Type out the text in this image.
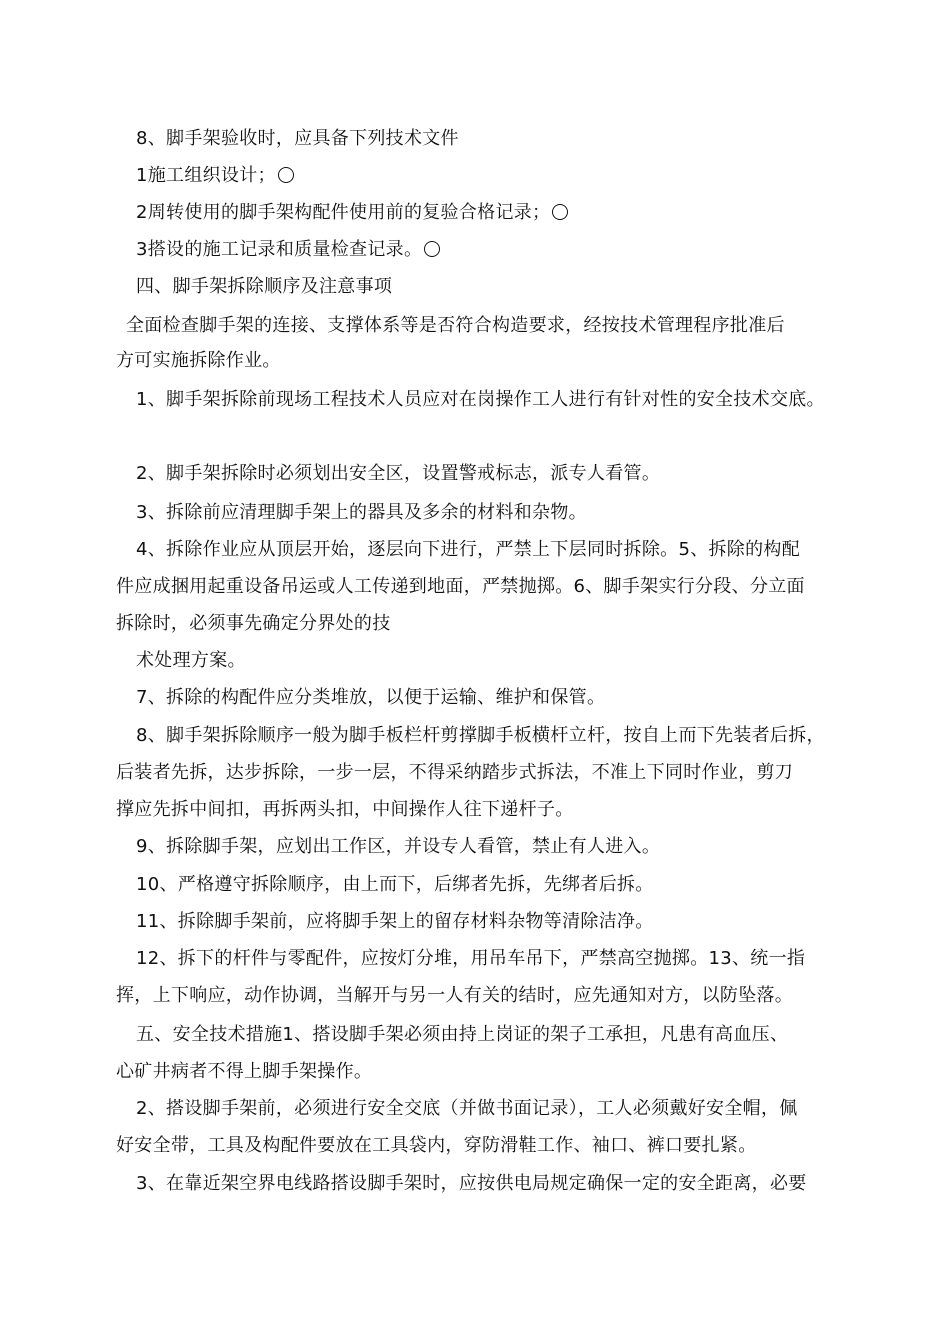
8、脚手架验收时，应具备下列技术文件
1施工组织设计；
2周转使用的脚手架构配件使用前的复验合格记录；
3搭设的施工记录和质量检查记录。
四、脚手架拆除顺序及注意事项
全面检查脚手架的连接、支撑体系等是否符合构造要求，经按技术管理程序批准后
方可实施拆除作业。
1、脚手架拆除前现场工程技术人员应对在岗操作工人进行有针对性的安全技术交底。
2、脚手架拆除时必须划出安全区，设置警戒标志，派专人看管。
3、拆除前应清理脚手架上的器具及多余的材料和杂物。
4、拆除作业应从顶层开始，逐层向下进行，严禁上下层同时拆除。5、拆除的构配
件应成捆用起重设备吊运或人工传递到地面，严禁抛掷。6、脚手架实行分段、分立面
拆除时，必须事先确定分界处的技
术处理方案。
7、拆除的构配件应分类堆放，以便于运输、维护和保管。
8、脚手架拆除顺序一般为脚手板栏杆剪撑脚手板横杆立杆，按自上而下先装者后拆，
后装者先拆，达步拆除，一步一层，不得采纳踏步式拆法，不准上下同时作业，剪刀
撑应先拆中间扣，再拆两头扣，中间操作人往下递杆子。
9、拆除脚手架，应划出工作区，并设专人看管，禁止有人进入。
10、严格遵守拆除顺序，由上而下，后绑者先拆，先绑者后拆。
11、拆除脚手架前，应将脚手架上的留存材料杂物等清除洁净。
12、拆下的杆件与零配件，应按灯分堆，用吊车吊下，严禁高空抛掷。13、统一指
挥，上下响应，动作协调，当解开与另一人有关的结时，应先通知对方，以防坠落。
五、安全技术措施1、搭设脚手架必须由持上岗证的架子工承担，凡患有高血压、
心矿井病者不得上脚手架操作。
2、搭设脚手架前，必须进行安全交底（并做书面记录），工人必须戴好安全帽，佩
好安全带，工具及构配件要放在工具袋内，穿防滑鞋工作、袖口、裤口要扎紧。
3、在靠近架空界电线路搭设脚手架时，应按供电局规定确保一定的安全距离，必要
